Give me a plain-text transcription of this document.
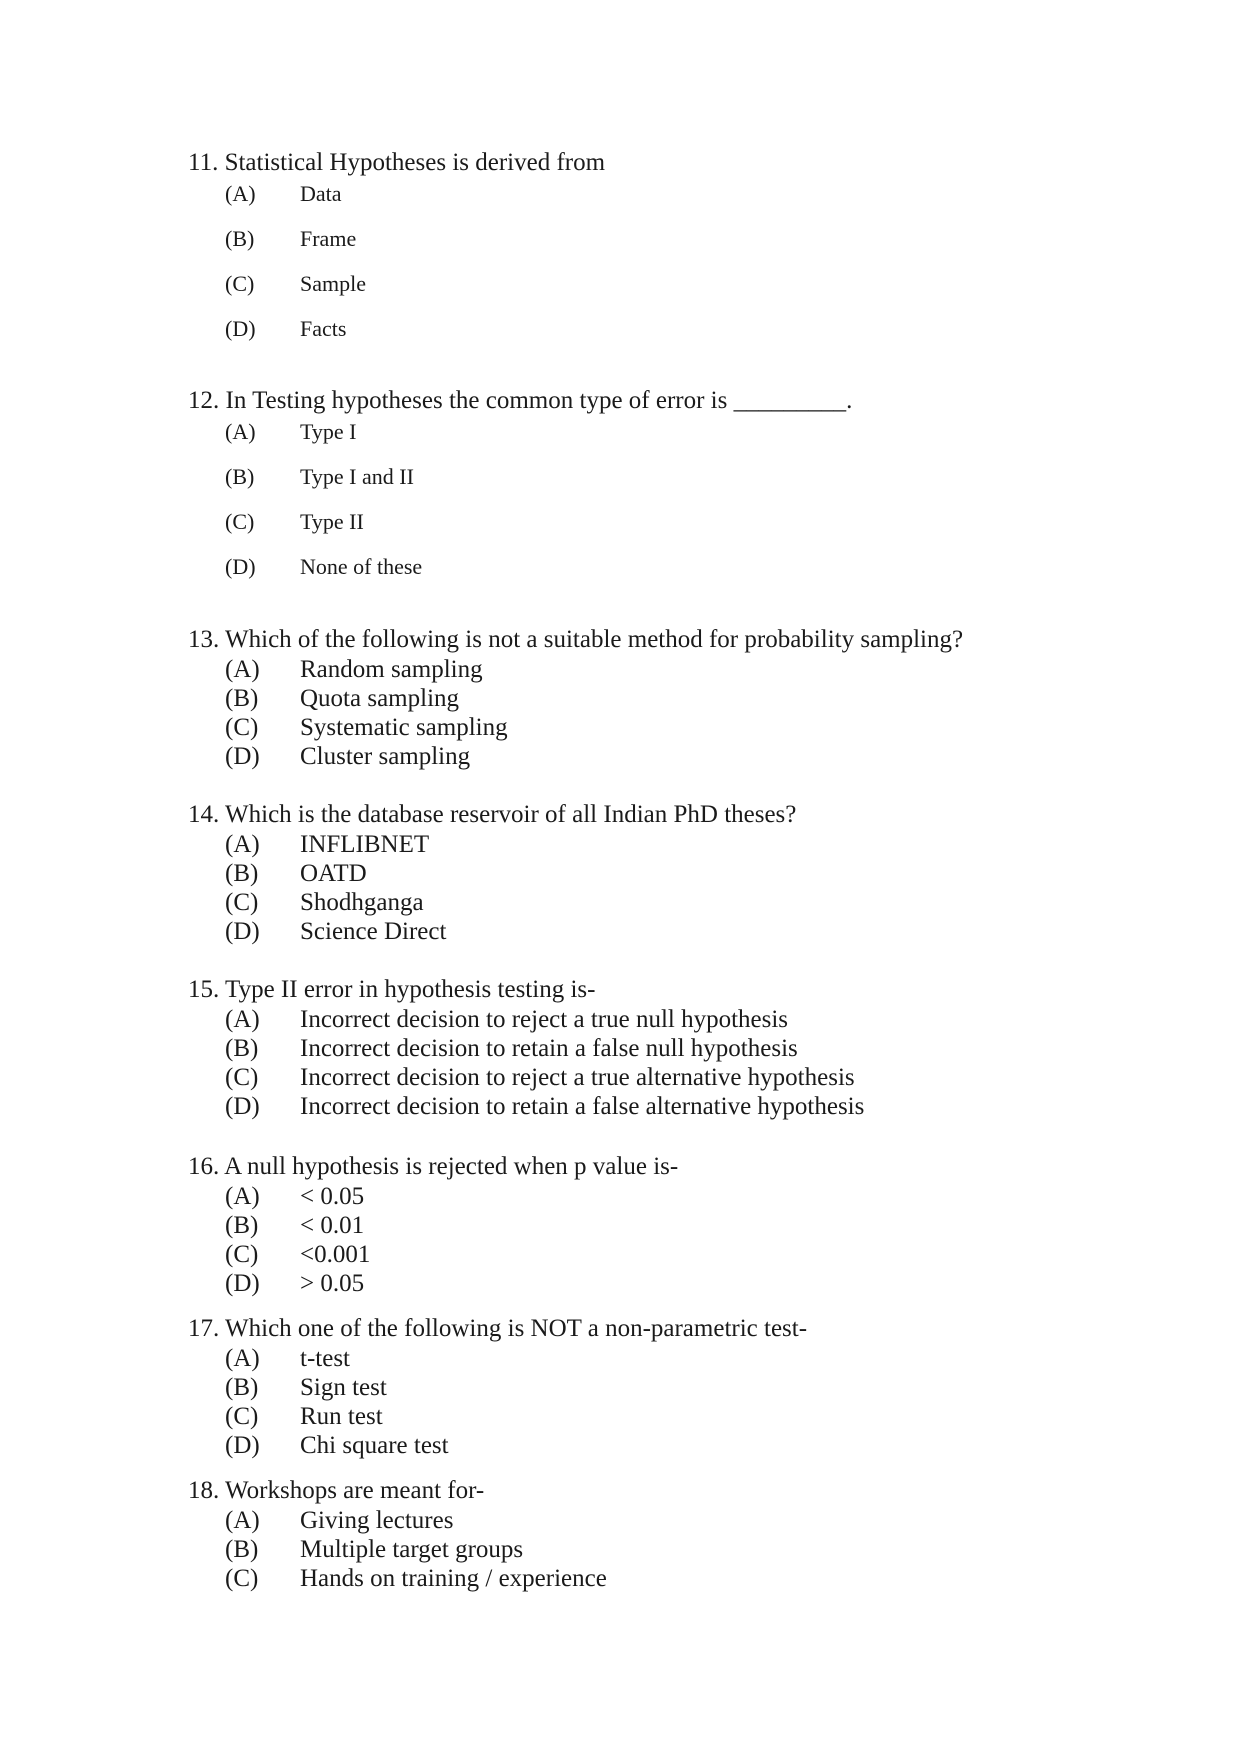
11. Statistical Hypotheses is derived from
(A) Data
(B) Frame
(C) Sample
(D) Facts
12. In Testing hypotheses the common type of error is _________.
(A) Type I
(B) Type I and II
(C) Type II
(D) None of these
13. Which of the following is not a suitable method for probability sampling?
(A) Random sampling
(B) Quota sampling
(C) Systematic sampling
(D) Cluster sampling
14. Which is the database reservoir of all Indian PhD theses?
(A) INFLIBNET
(B) OATD
(C) Shodhganga
(D) Science Direct
15. Type II error in hypothesis testing is-
(A) Incorrect decision to reject a true null hypothesis
(B) Incorrect decision to retain a false null hypothesis
(C) Incorrect decision to reject a true alternative hypothesis
(D) Incorrect decision to retain a false alternative hypothesis
16. A null hypothesis is rejected when p value is-
(A) < 0.05
(B) < 0.01
(C) <0.001
(D) > 0.05
17. Which one of the following is NOT a non-parametric test-
(A) t-test
(B) Sign test
(C) Run test
(D) Chi square test
18. Workshops are meant for-
(A) Giving lectures
(B) Multiple target groups
(C) Hands on training / experience
